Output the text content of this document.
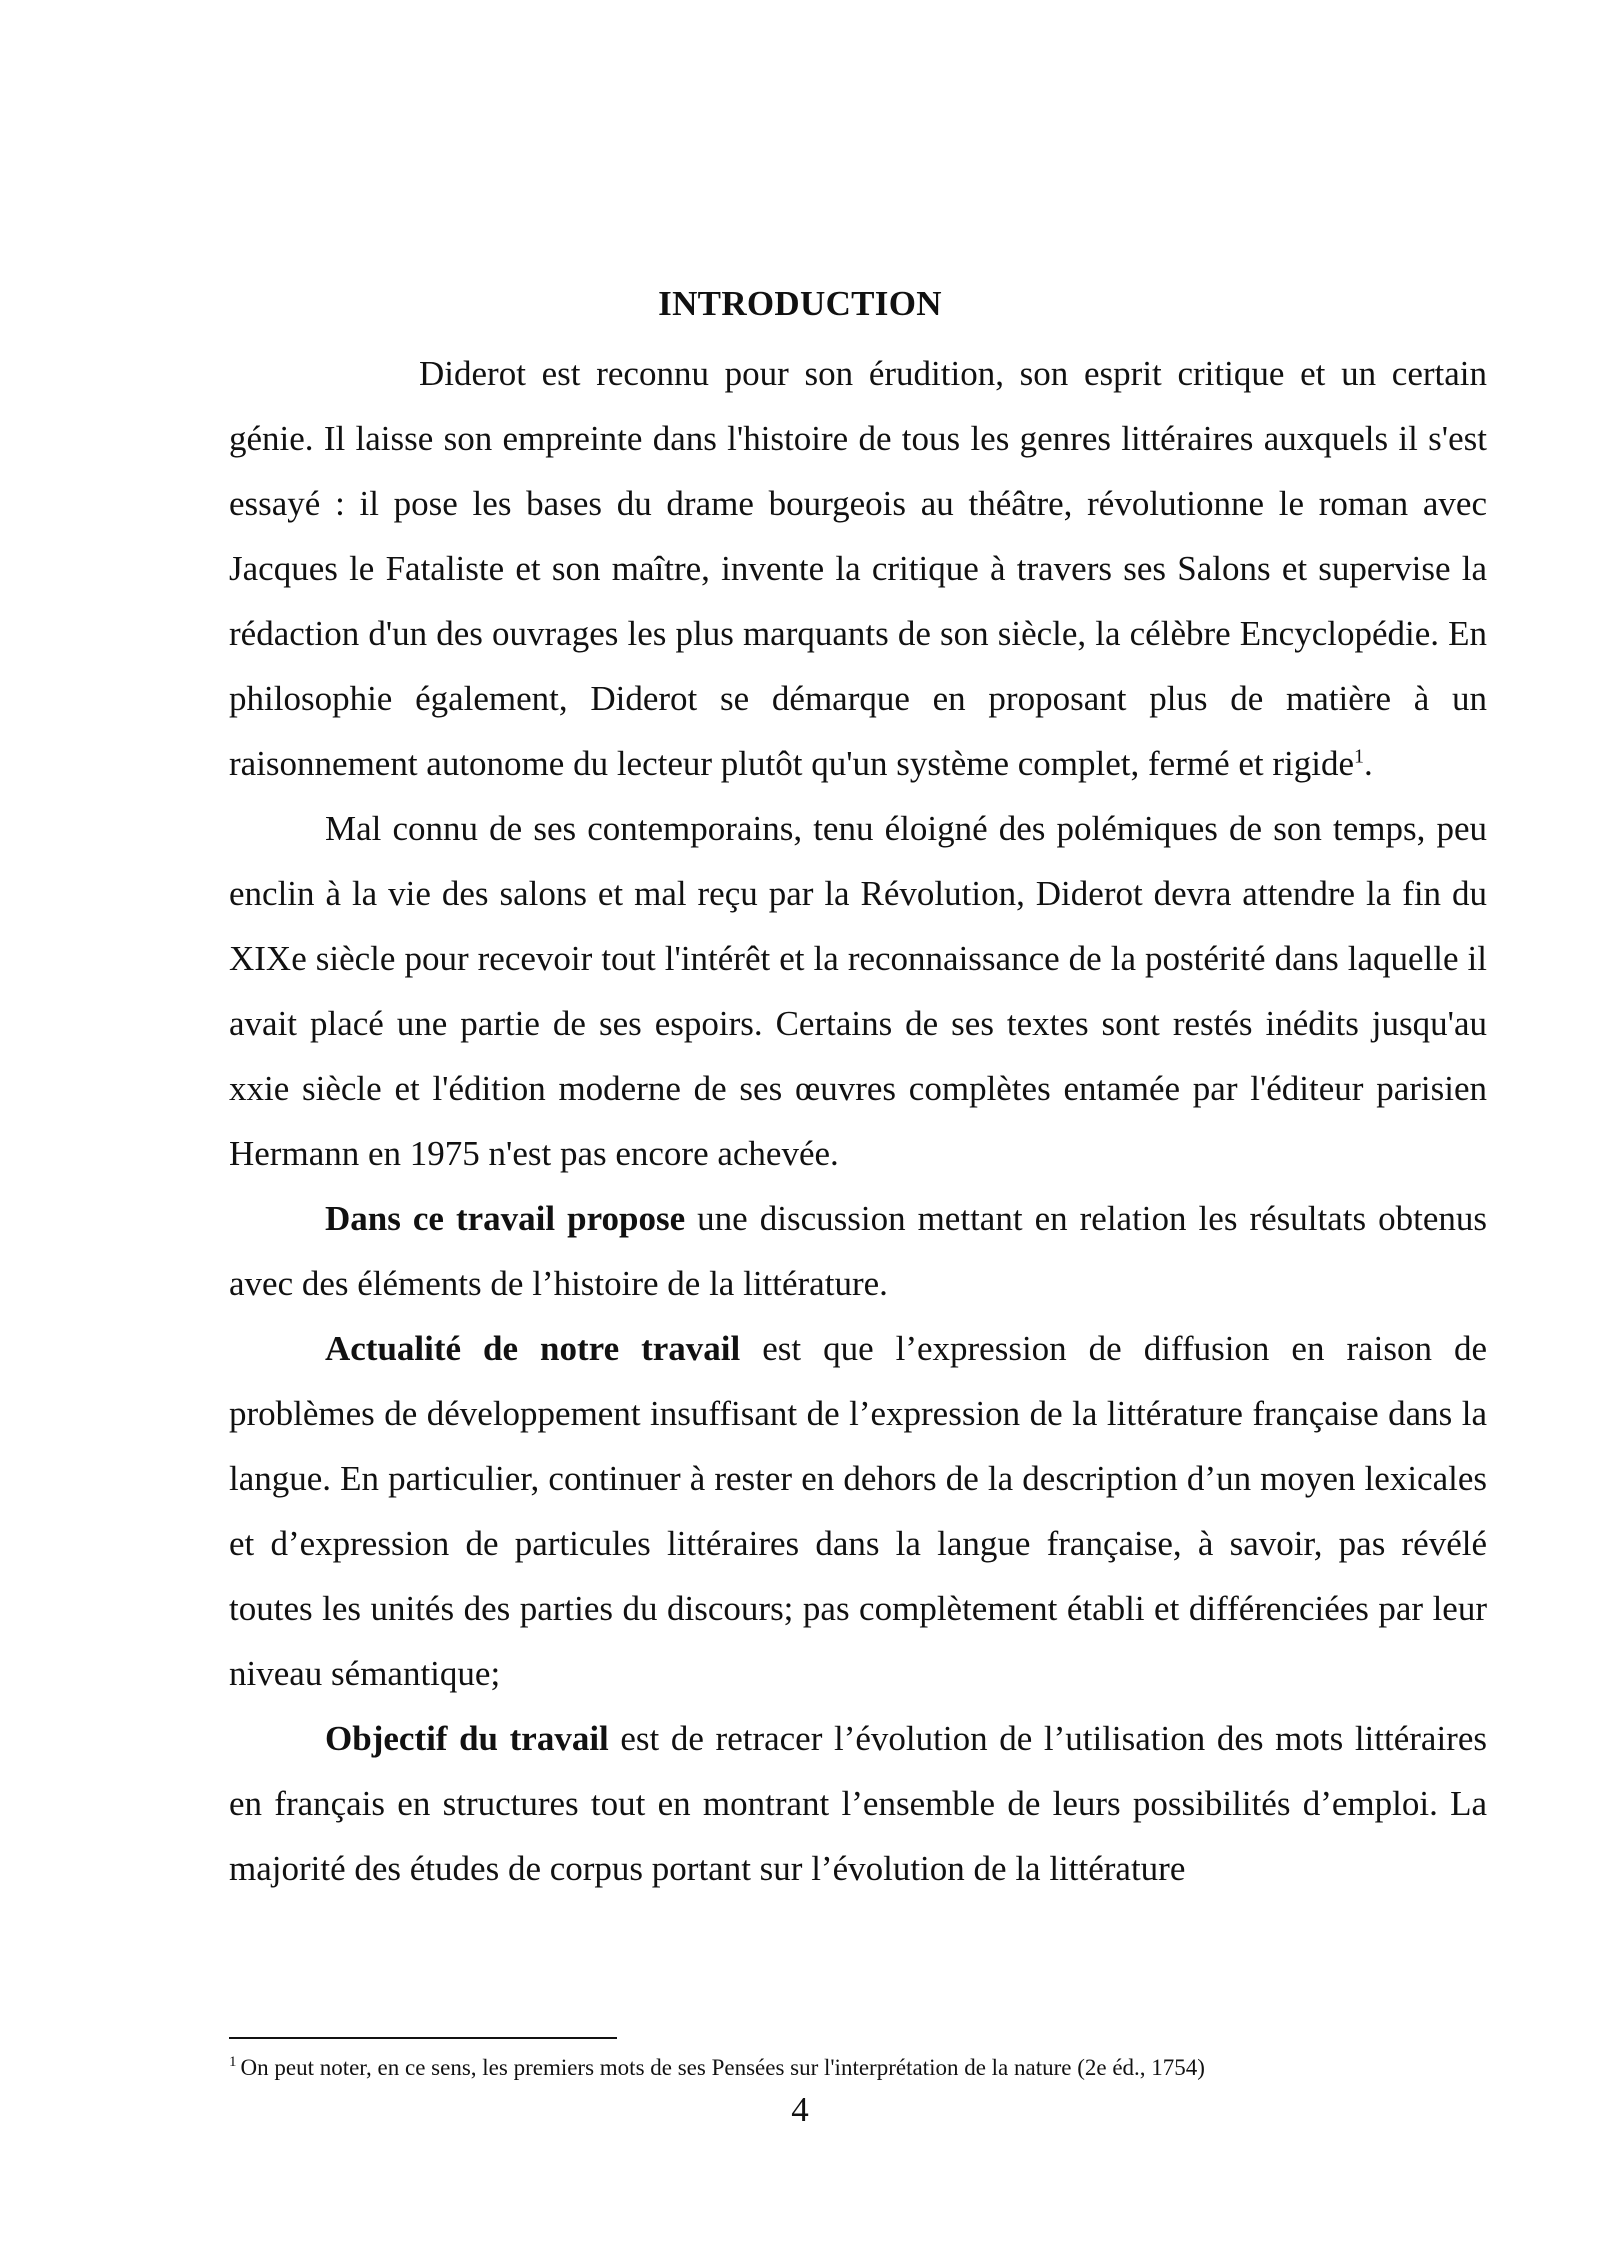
INTRODUCTION

Diderot est reconnu pour son érudition, son esprit critique et un certain génie. Il laisse son empreinte dans l'histoire de tous les genres littéraires auxquels il s'est essayé : il pose les bases du drame bourgeois au théâtre, révolutionne le roman avec Jacques le Fataliste et son maître, invente la critique à travers ses Salons et supervise la rédaction d'un des ouvrages les plus marquants de son siècle, la célèbre Encyclopédie. En philosophie également, Diderot se démarque en proposant plus de matière à un raisonnement autonome du lecteur plutôt qu'un système complet, fermé et rigide$^1$.

Mal connu de ses contemporains, tenu éloigné des polémiques de son temps, peu enclin à la vie des salons et mal reçu par la Révolution, Diderot devra attendre la fin du XIXe siècle pour recevoir tout l'intérêt et la reconnaissance de la postérité dans laquelle il avait placé une partie de ses espoirs. Certains de ses textes sont restés inédits jusqu'au xxie siècle et l'édition moderne de ses œuvres complètes entamée par l'éditeur parisien Hermann en 1975 n'est pas encore achevée.

Dans ce travail propose une discussion mettant en relation les résultats obtenus avec des éléments de l’histoire de la littérature.

Actualité de notre travail est que l’expression de diffusion en raison de problèmes de développement insuffisant de l’expression de la littérature française dans la langue. En particulier, continuer à rester en dehors de la description d’un moyen lexicales et d’expression de particules littéraires dans la langue française, à savoir, pas révélé toutes les unités des parties du discours; pas complètement établi et différenciées par leur niveau sémantique;

Objectif du travail est de retracer l’évolution de l’utilisation des mots littéraires en français en structures tout en montrant l’ensemble de leurs possibilités d’emploi. La majorité des études de corpus portant sur l’évolution de la littérature

$^1$ On peut noter, en ce sens, les premiers mots de ses Pensées sur l'interprétation de la nature (2e éd., 1754)
4
